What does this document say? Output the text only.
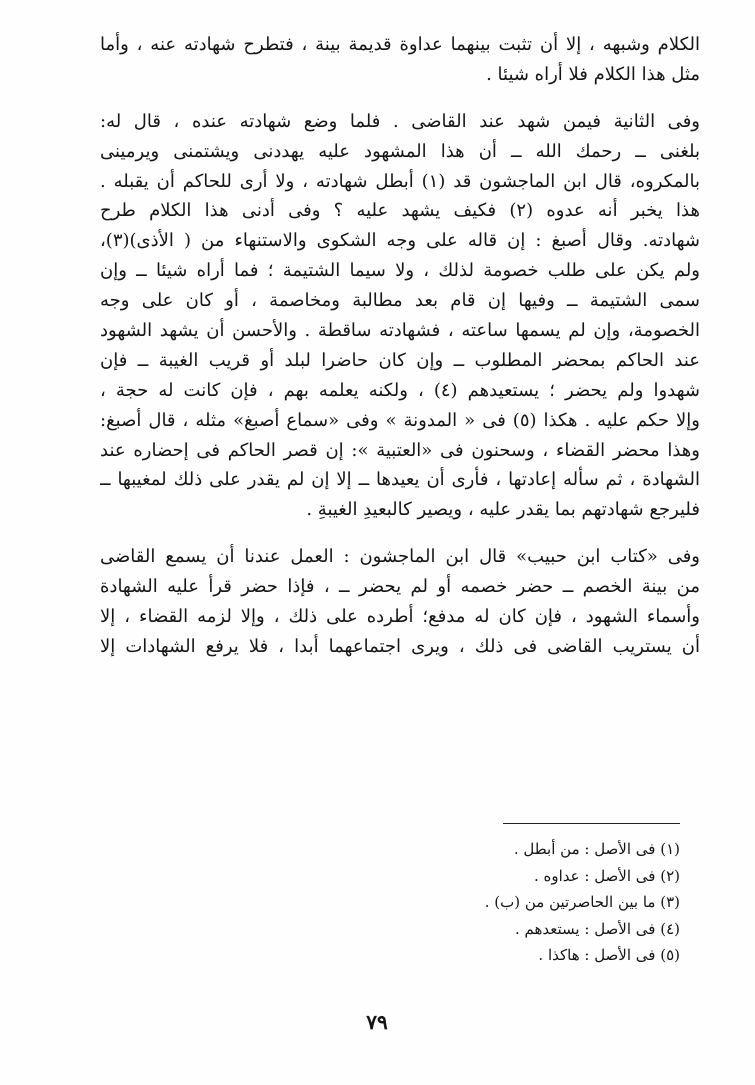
الكلام وشبهه ، إلا أن تثبت بينهما عداوة قديمة بينة ، فتطرح شهادته عنه ، وأما
مثل هذا الكلام فلا أراه شيئا .
وفى الثانية فيمن شهد عند القاضى . فلما وضع شهادته عنده ، قال له:
بلغنى ــ رحمك الله ــ أن هذا المشهود عليه يهددنى ويشتمنى ويرمينى
بالمكروه، قال ابن الماجشون قد (١) أبطل شهادته ، ولا أرى للحاكم أن يقبله .
هذا يخبر أنه عدوه (٢) فكيف يشهد عليه ؟ وفى أدنى هذا الكلام طرح
شهادته. وقال أصبغ : إن قاله على وجه الشكوى والاستنهاء من ( الأذى)(٣)،
ولم يكن على طلب خصومة لذلك ، ولا سيما الشتيمة ؛ فما أراه شيئا ــ وإن
سمى الشتيمة ــ وفيها إن قام بعد مطالبة ومخاصمة ، أو كان على وجه
الخصومة، وإن لم يسمها ساعته ، فشهادته ساقطة . والأحسن أن يشهد الشهود
عند الحاكم بمحضر المطلوب ــ وإن كان حاضرا لبلد أو قريب الغيبة ــ فإن
شهدوا ولم يحضر ؛ يستعيدهم (٤) ، ولكنه يعلمه بهم ، فإن كانت له حجة ،
وإلا حكم عليه . هكذا (٥) فى « المدونة » وفى «سماع أصبغ» مثله ، قال أصبغ:
وهذا محضر القضاء ، وسحنون فى «العتبية »: إن قصر الحاكم فى إحضاره عند
الشهادة ، ثم سأله إعادتها ، فأرى أن يعيدها ــ إلا إن لم يقدر على ذلك لمغيبها ــ
فليرجع شهادتهم بما يقدر عليه ، ويصير كالبعيدِ الغيبةِ .
وفى «كتاب ابن حبيب» قال ابن الماجشون : العمل عندنا أن يسمع القاضى
من بينة الخصم ــ حضر خصمه أو لم يحضر ــ ، فإذا حضر قرأ عليه الشهادة
وأسماء الشهود ، فإن كان له مدفع؛ أطرده على ذلك ، وإلا لزمه القضاء ، إلا
أن يستريب القاضى فى ذلك ، ويرى اجتماعهما أبدا ، فلا يرفع الشهادات إلا
(١) فى الأصل : من أبطل .
(٢) فى الأصل : عداوه .
(٣) ما بين الحاصرتين من (ب) .
(٤) فى الأصل : يستعدهم .
(٥) فى الأصل : هاكذا .
٧٩
